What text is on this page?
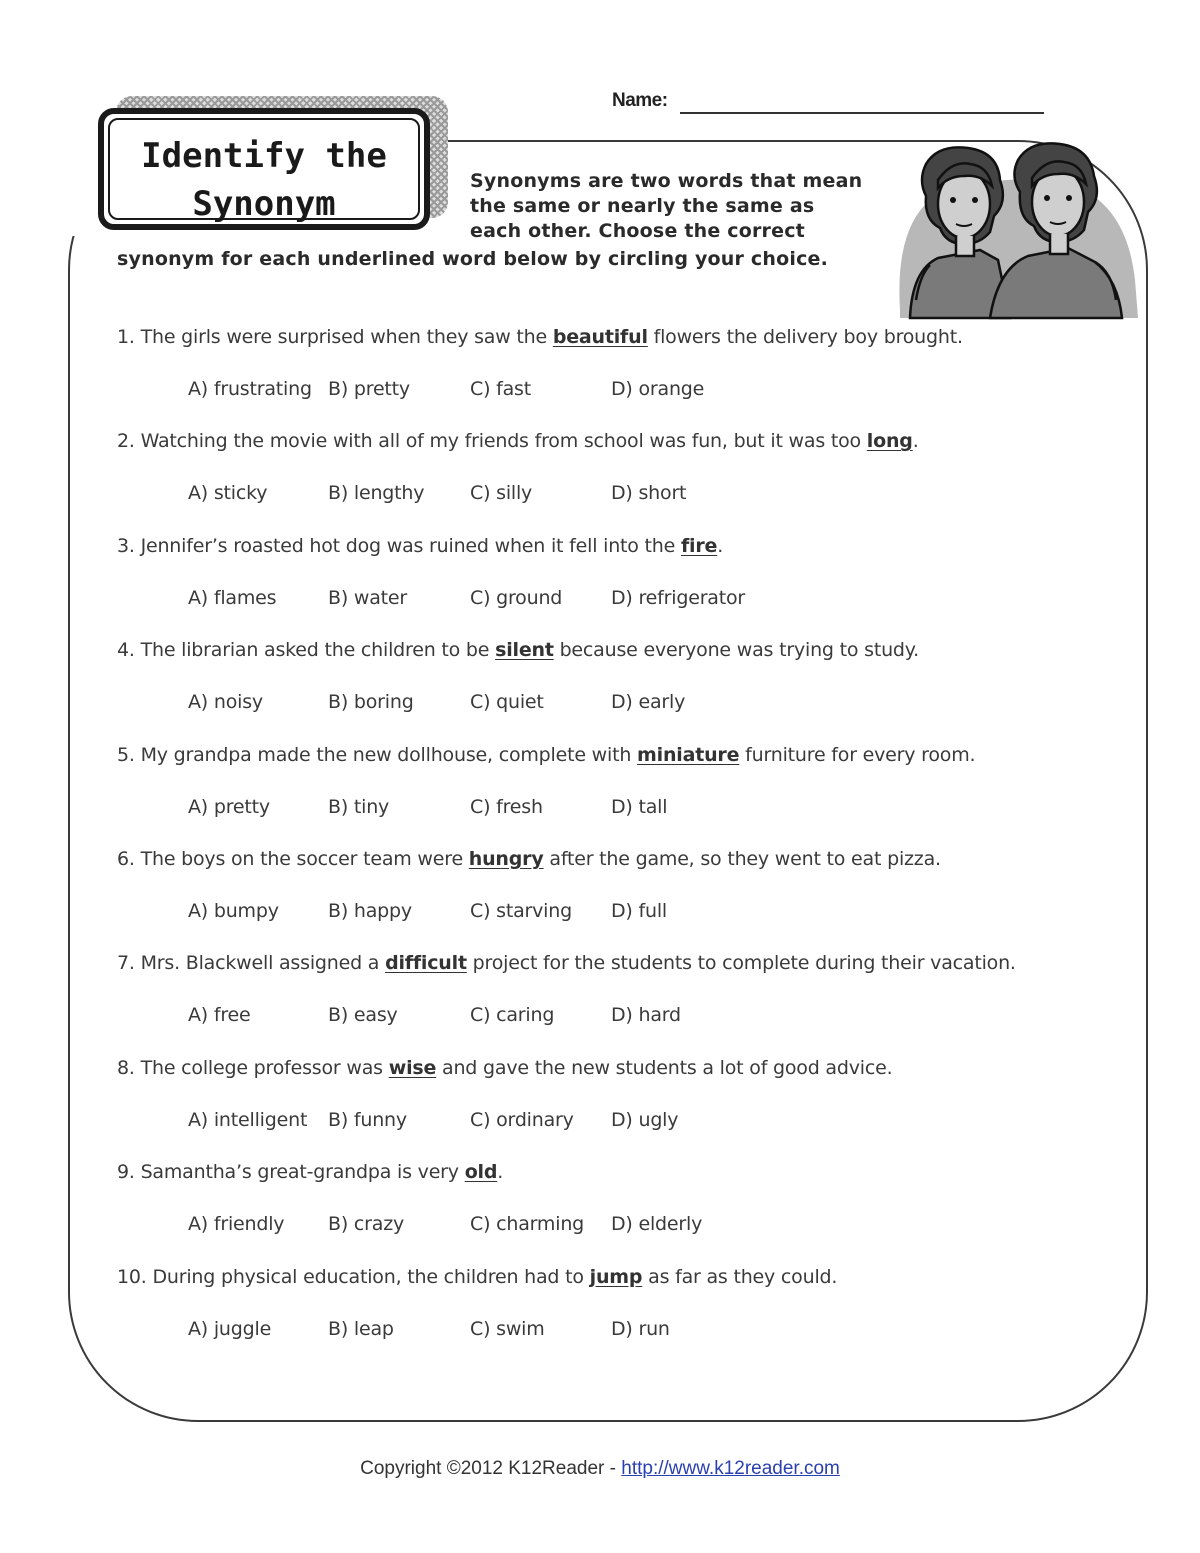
Name:
Identify the
Synonym
Synonyms are two words that mean
the same or nearly the same as
each other. Choose the correct
synonym for each underlined word below by circling your choice.
1. The girls were surprised when they saw the beautiful flowers the delivery boy brought.
A) frustrating B) pretty	C) fast	D) orange
2. Watching the movie with all of my friends from school was fun, but it was too long.
A) sticky	B) lengthy C) silly	D) short
3. Jennifer’s roasted hot dog was ruined when it fell into the fire.
A) flames	B) water	C) ground	D) refrigerator
4. The librarian asked the children to be silent because everyone was trying to study.
A) noisy	B) boring	C) quiet	D) early
5. My grandpa made the new dollhouse, complete with miniature furniture for every room.
A) pretty	B) tiny	C) fresh	D) tall
6. The boys on the soccer team were hungry after the game, so they went to eat pizza.
A) bumpy	B) happy	C) starving D) full
7. Mrs. Blackwell assigned a difficult project for the students to complete during their vacation.
A) free	B) easy	C) caring	D) hard
8. The college professor was wise and gave the new students a lot of good advice.
A) intelligent B) funny	C) ordinary D) ugly
9. Samantha’s great-grandpa is very old.
A) friendly B) crazy	C) charming D) elderly
10. During physical education, the children had to jump as far as they could.
A) juggle	B) leap	C) swim	D) run
Copyright ©2012 K12Reader - http://www.k12reader.com
